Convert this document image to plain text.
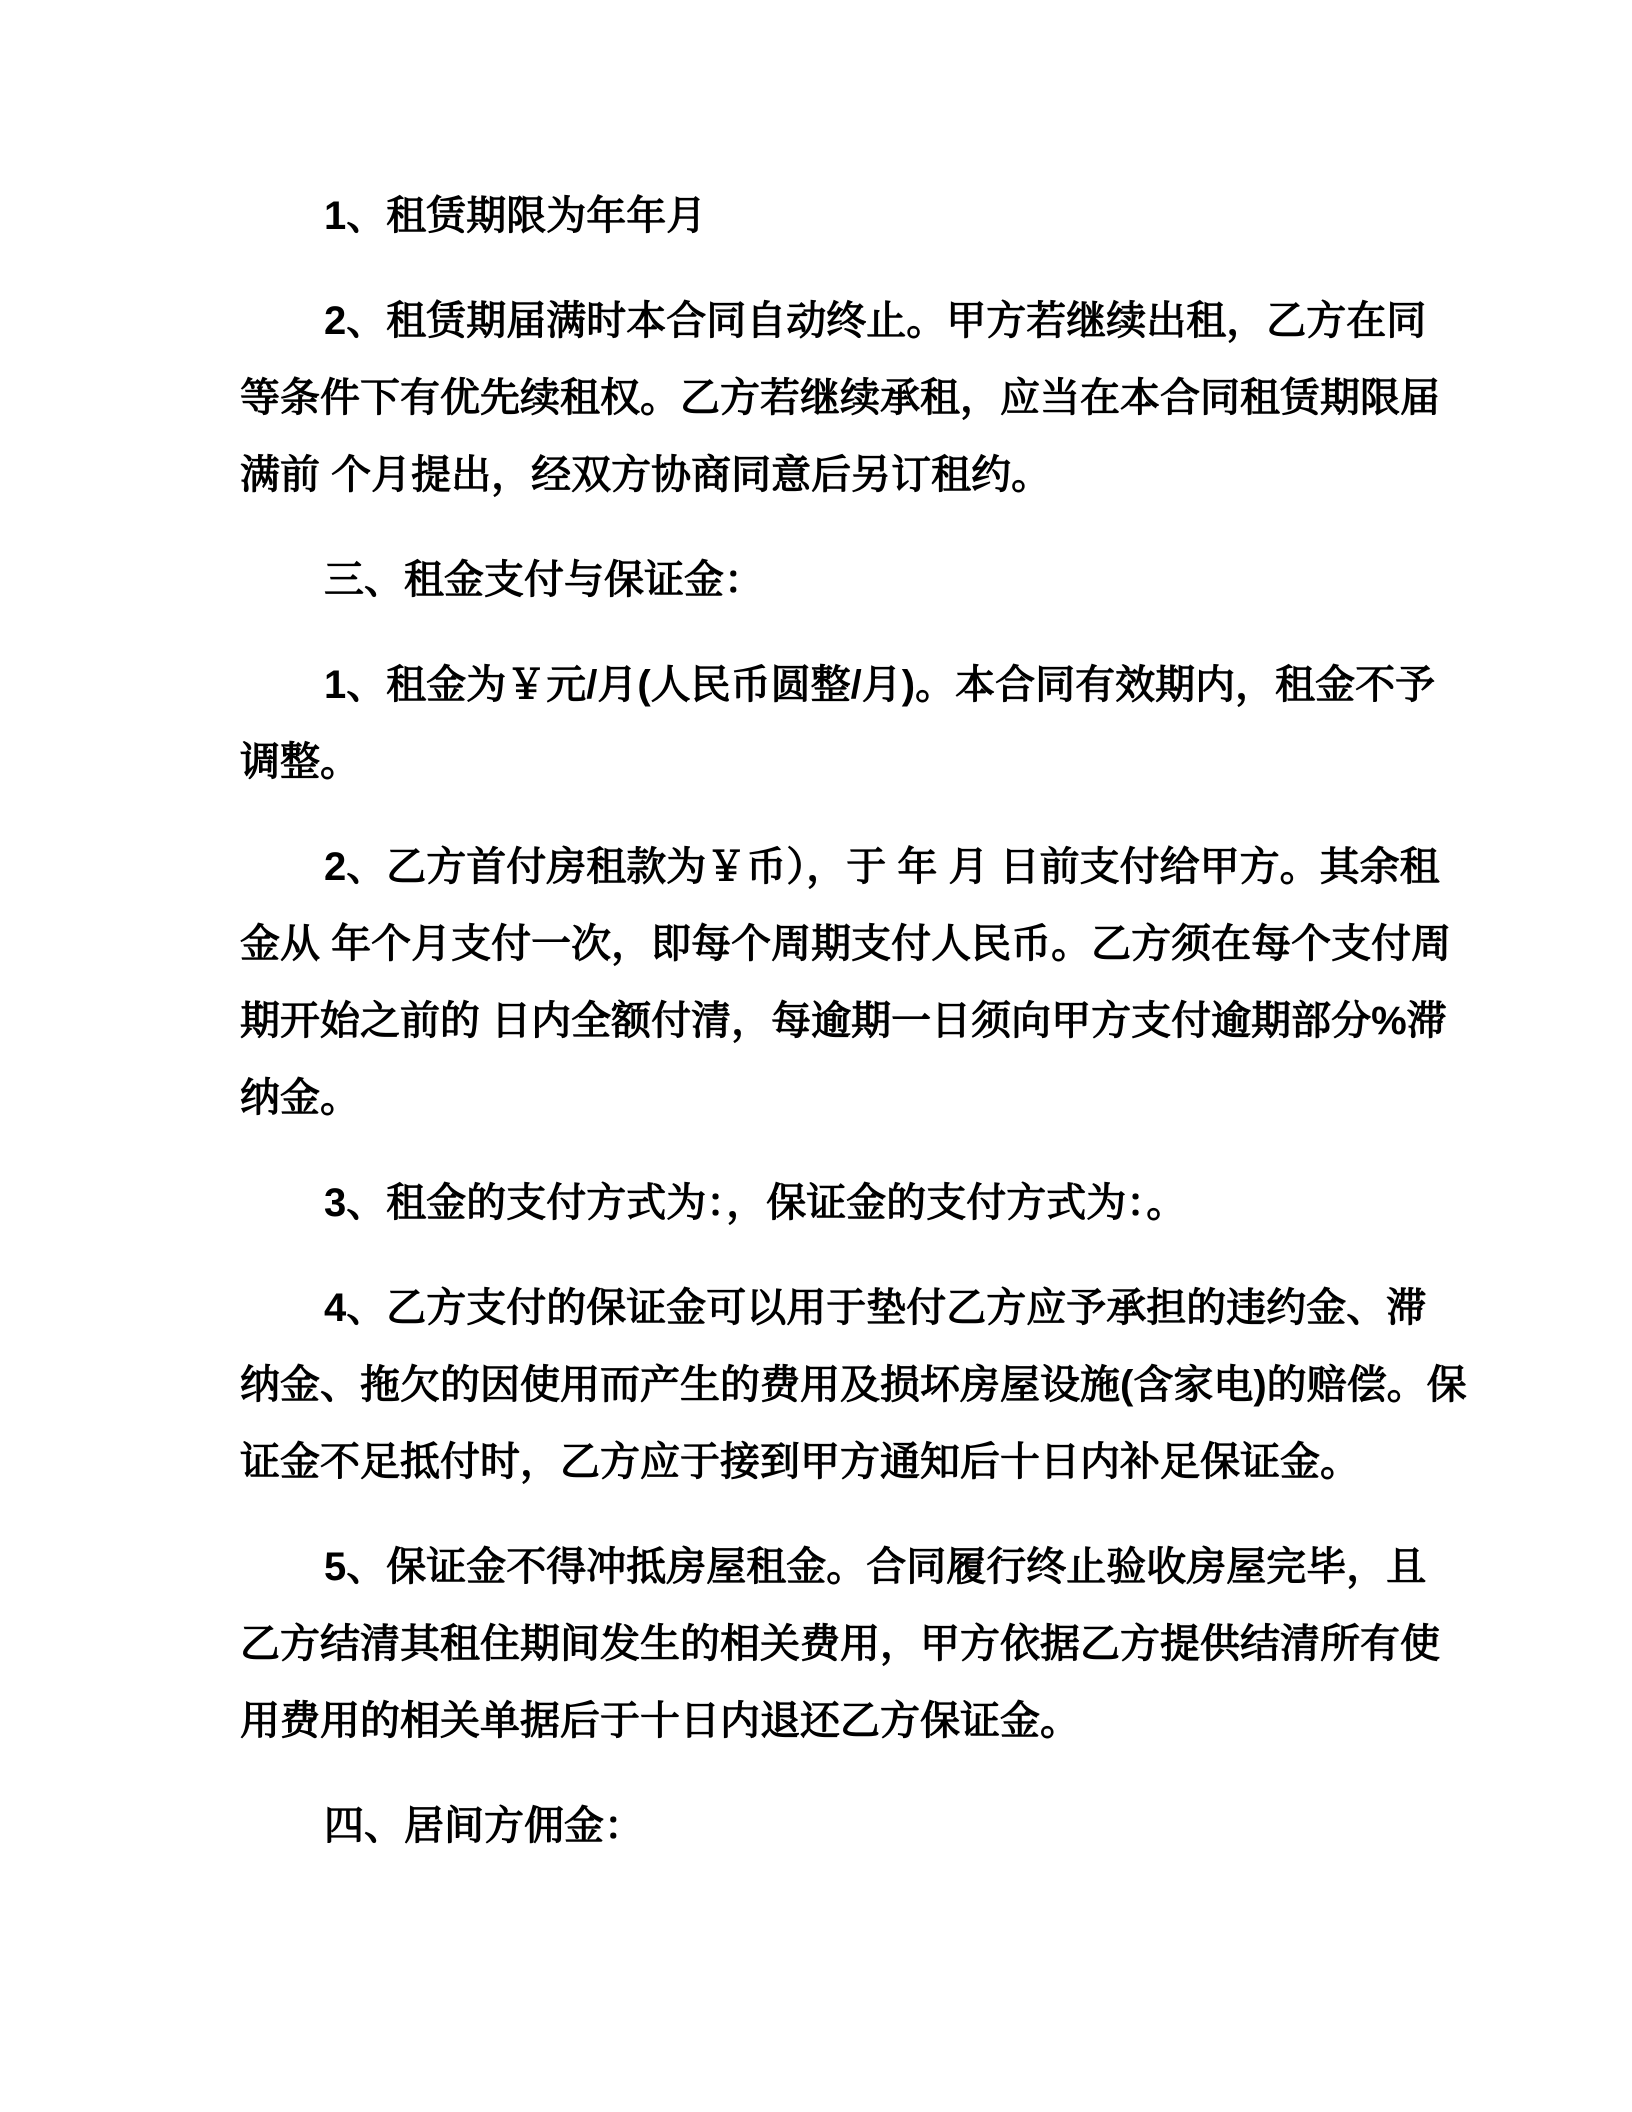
1、租赁期限为年年月
2、租赁期届满时本合同自动终止。甲方若继续出租，乙方在同
等条件下有优先续租权。乙方若继续承租，应当在本合同租赁期限届
满前 个月提出，经双方协商同意后另订租约。
三、租金支付与保证金：
1、租金为￥元/月(人民币圆整/月)。本合同有效期内，租金不予
调整。
2、乙方首付房租款为￥币），于 年 月 日前支付给甲方。其余租
金从 年个月支付一次，即每个周期支付人民币。乙方须在每个支付周
期开始之前的 日内全额付清，每逾期一日须向甲方支付逾期部分%滞
纳金。
3、租金的支付方式为：，保证金的支付方式为：。
4、乙方支付的保证金可以用于垫付乙方应予承担的违约金、滞
纳金、拖欠的因使用而产生的费用及损坏房屋设施(含家电)的赔偿。保
证金不足抵付时，乙方应于接到甲方通知后十日内补足保证金。
5、保证金不得冲抵房屋租金。合同履行终止验收房屋完毕，且
乙方结清其租住期间发生的相关费用，甲方依据乙方提供结清所有使
用费用的相关单据后于十日内退还乙方保证金。
四、居间方佣金：
